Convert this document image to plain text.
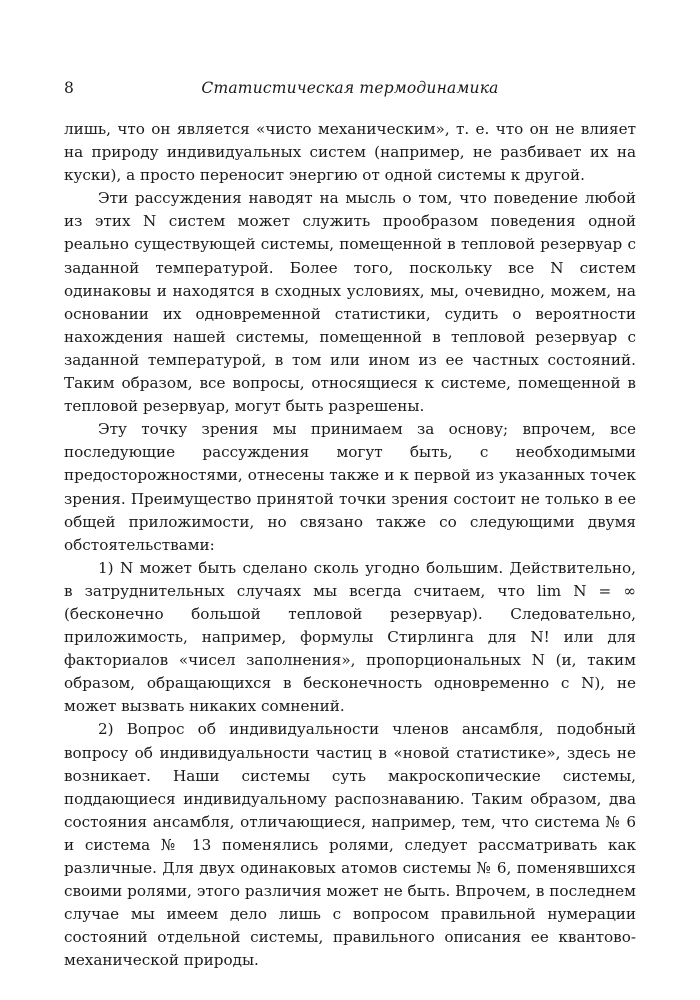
8	Статистическая термодинамика

лишь, что он является «чисто механическим», т. е. что он не влияет на природу индивидуальных систем (например, не разбивает их на куски), а просто переносит энергию от одной системы к другой.

Эти рассуждения наводят на мысль о том, что поведение любой из этих N систем может служить прообразом поведения одной реально существующей системы, помещенной в тепловой резервуар с заданной температурой. Более того, поскольку все N систем одинаковы и находятся в сходных условиях, мы, очевидно, можем, на основании их одновременной статистики, судить о вероятности нахождения нашей системы, помещенной в тепловой резервуар с заданной температурой, в том или ином из ее частных состояний. Таким образом, все вопросы, относящиеся к системе, помещенной в тепловой резервуар, могут быть разрешены.

Эту точку зрения мы принимаем за основу; впрочем, все последующие рассуждения могут быть, с необходимыми предосторожностями, отнесены также и к первой из указанных точек зрения. Преимущество принятой точки зрения состоит не только в ее общей приложимости, но связано также со следующими двумя обстоятельствами:

1) N может быть сделано сколь угодно большим. Действительно, в затруднительных случаях мы всегда считаем, что lim N = ∞ (бесконечно большой тепловой резервуар). Следовательно, приложимость, например, формулы Стирлинга для N! или для факториалов «чисел заполнения», пропорциональных N (и, таким образом, обращающихся в бесконечность одновременно с N), не может вызвать никаких сомнений.

2) Вопрос об индивидуальности членов ансамбля, подобный вопросу об индивидуальности частиц в «новой статистике», здесь не возникает. Наши системы суть макроскопические системы, поддающиеся индивидуальному распознаванию. Таким образом, два состояния ансамбля, отличающиеся, например, тем, что система № 6 и система № 13 поменялись ролями, следует рассматривать как различные. Для двух одинаковых атомов системы № 6, поменявшихся своими ролями, этого различия может не быть. Впрочем, в последнем случае мы имеем дело лишь с вопросом правильной нумерации состояний отдельной системы, правильного описания ее квантово-механической природы.
